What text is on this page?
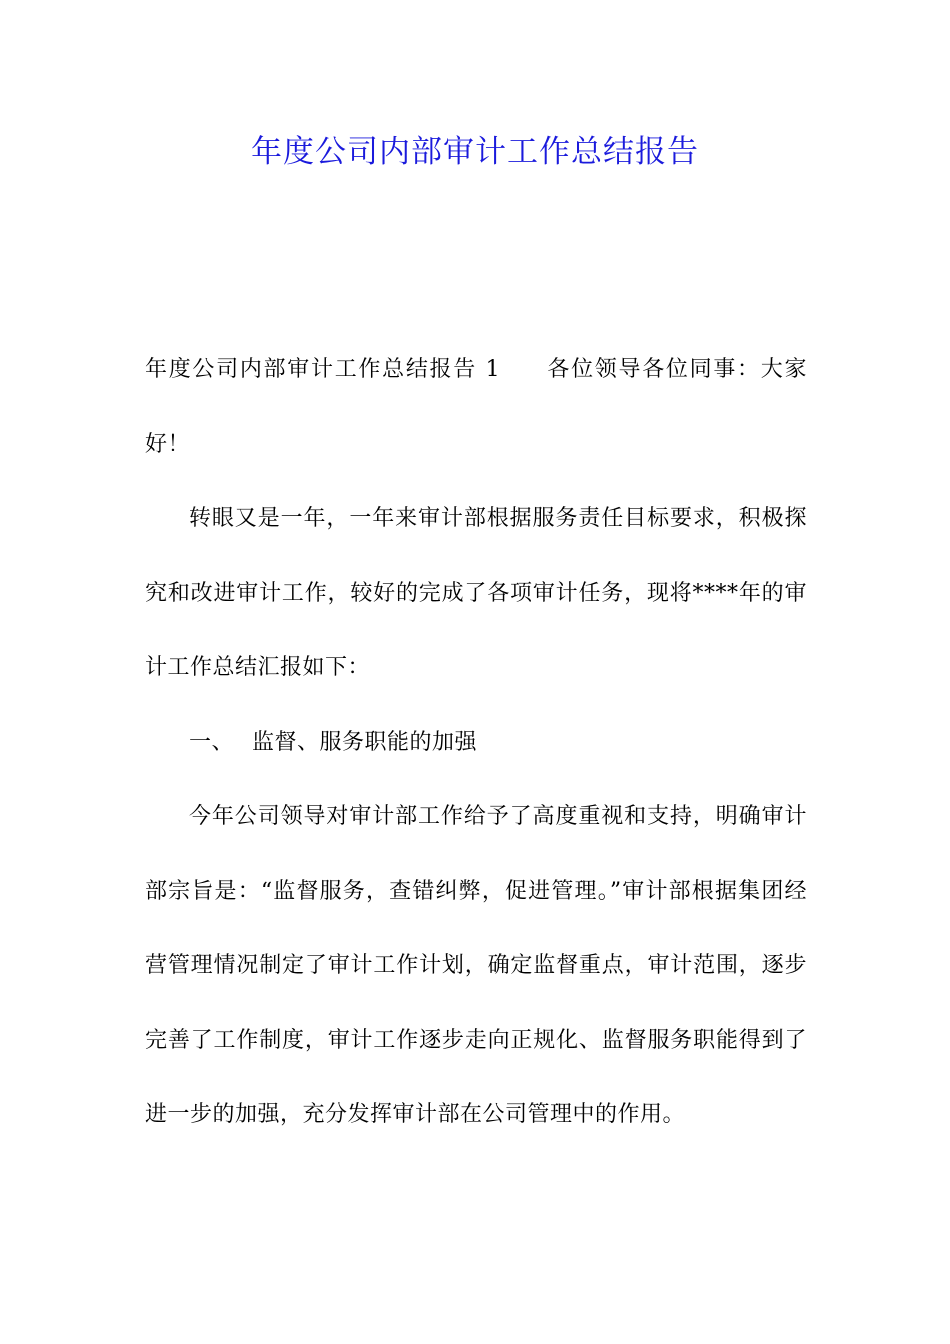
年度公司内部审计工作总结报告

年度公司内部审计工作总结报告 1 各位领导各位同事：大家好！

转眼又是一年，一年来审计部根据服务责任目标要求，积极探究和改进审计工作，较好的完成了各项审计任务，现将****年的审计工作总结汇报如下：

一、 监督、服务职能的加强

今年公司领导对审计部工作给予了高度重视和支持，明确审计部宗旨是：“监督服务，查错纠弊，促进管理。”审计部根据集团经营管理情况制定了审计工作计划，确定监督重点，审计范围，逐步完善了工作制度，审计工作逐步走向正规化、监督服务职能得到了进一步的加强，充分发挥审计部在公司管理中的作用。
